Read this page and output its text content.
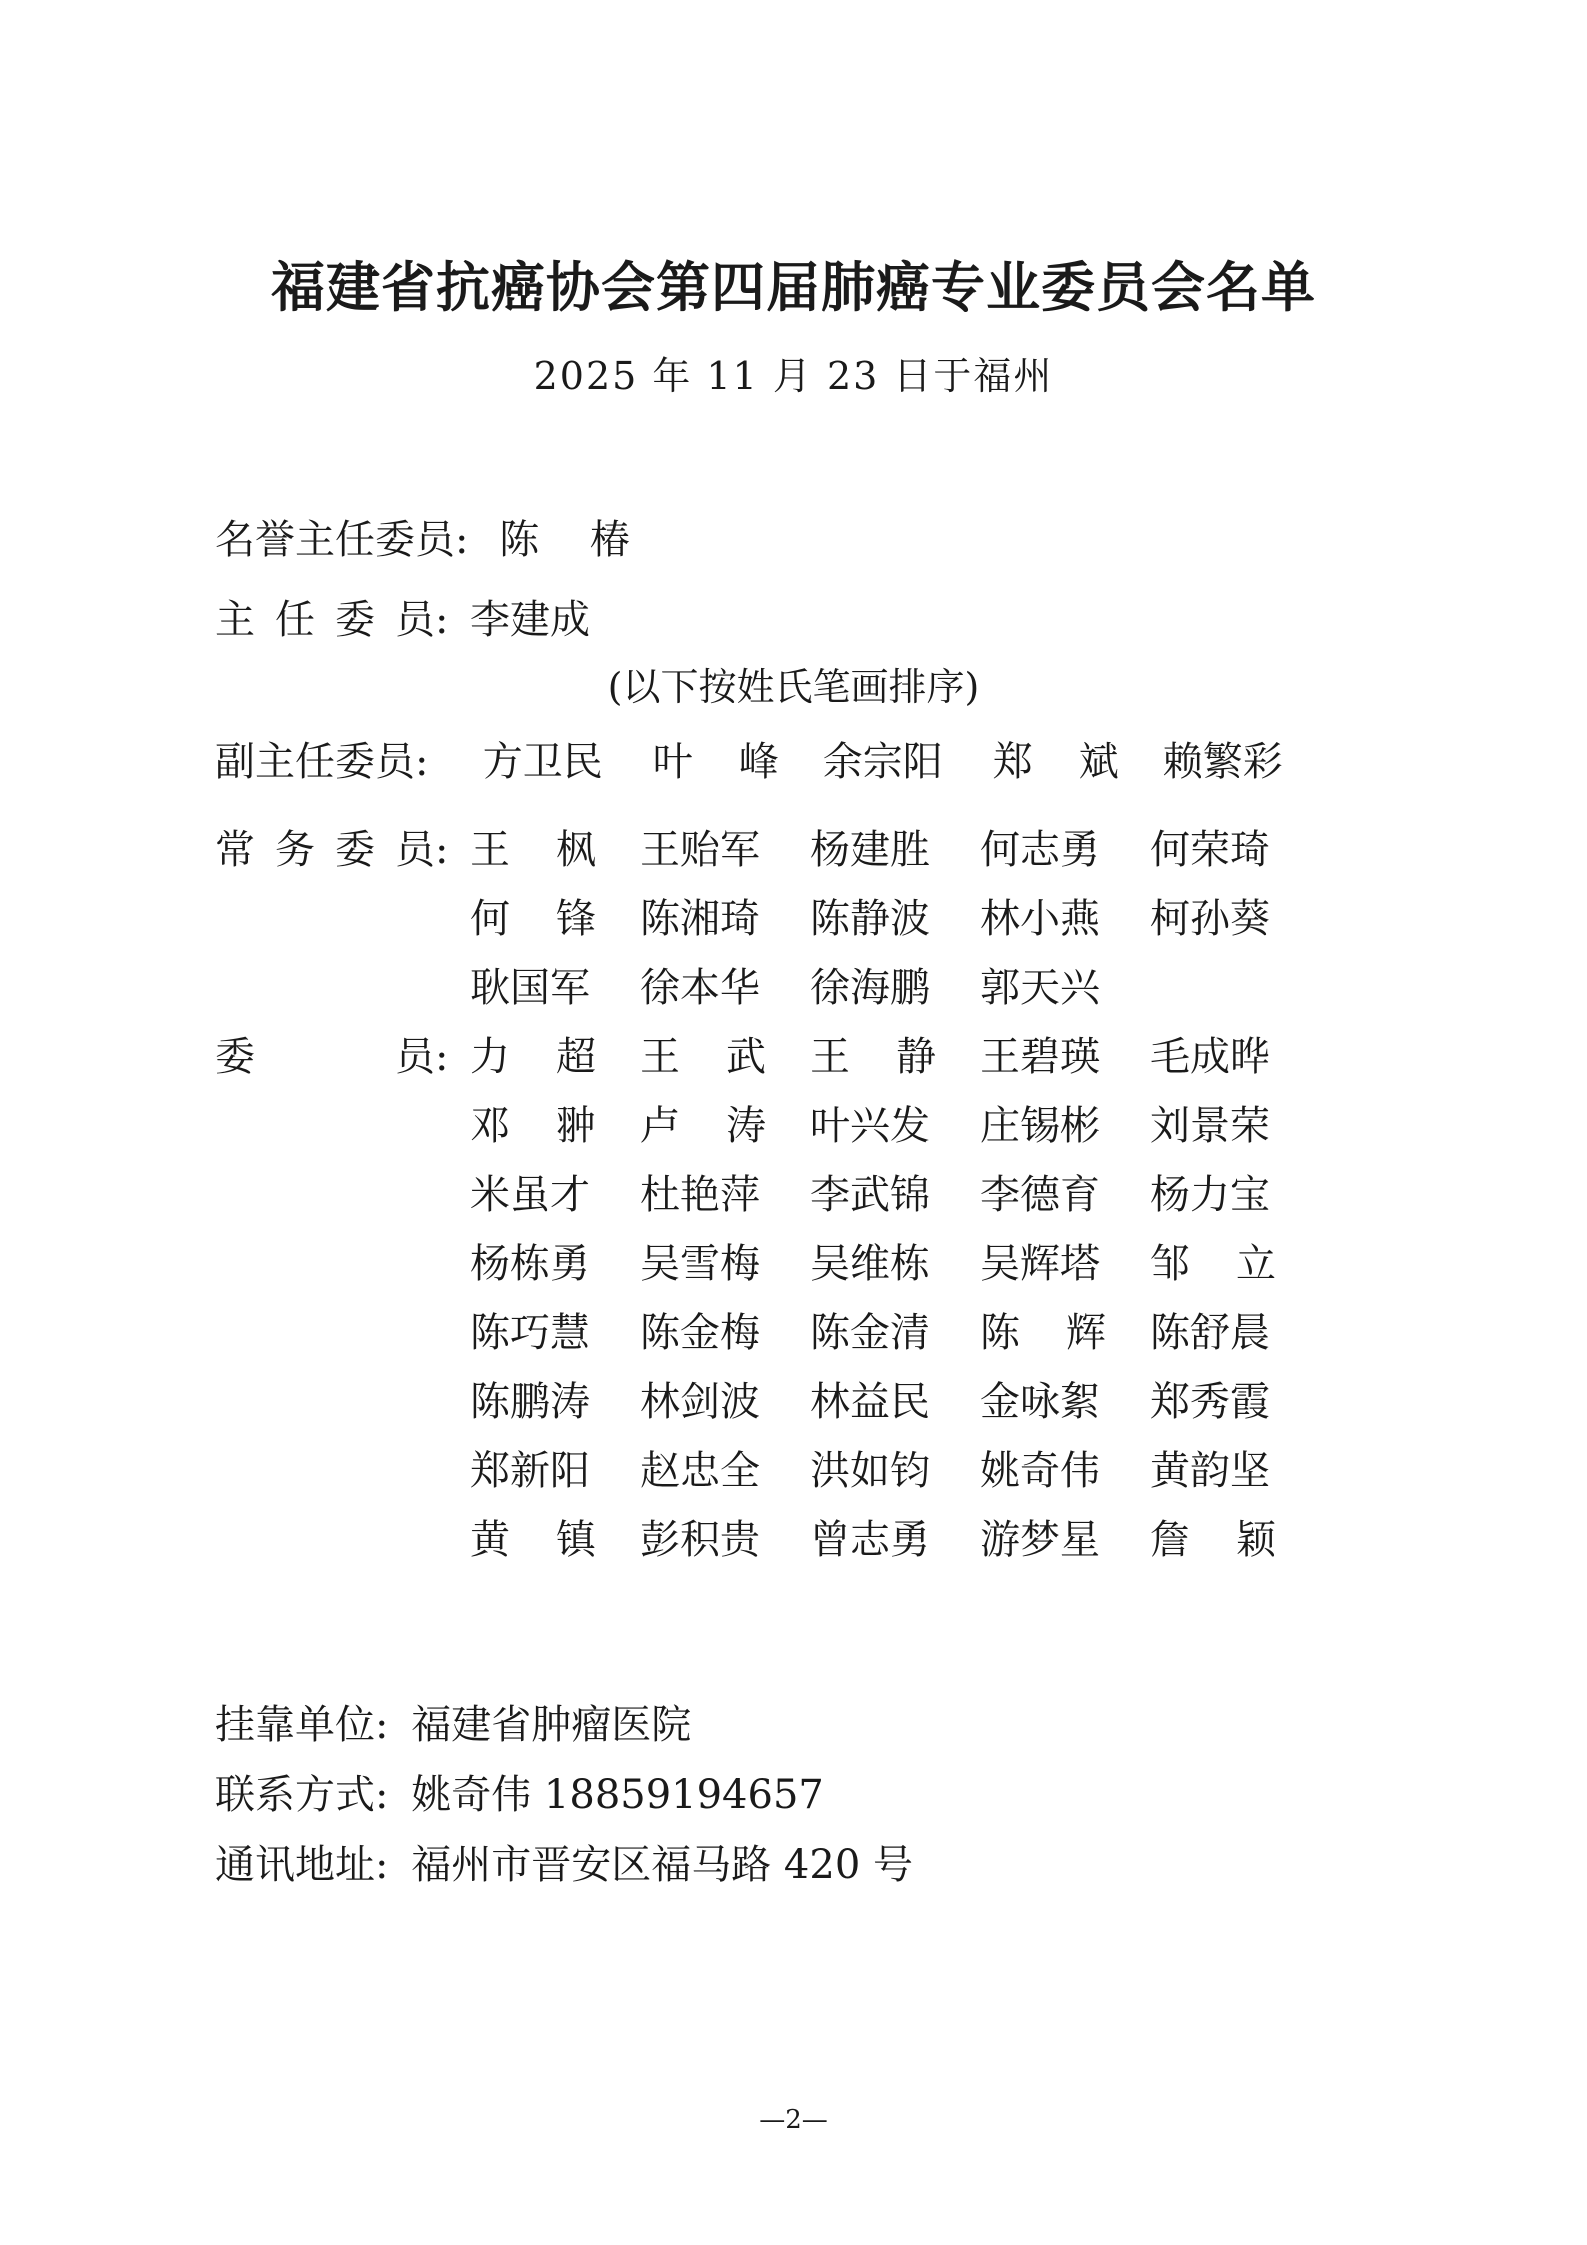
福建省抗癌协会第四届肺癌专业委员会名单
2025 年 11 月 23 日于福州
名誉主任委员: 陈 椿
主 任 委 员 : 李建成
(以下按姓氏笔画排序)
副主任委员: 方卫民 叶 峰 余宗阳 郑 斌 赖繁彩
常 务 委 员 : 王 枫 王贻军 杨建胜 何志勇 何荣琦
何 锋 陈湘琦 陈静波 林小燕 柯孙葵
耿国军 徐本华 徐海鹏 郭天兴
委	员 : 力 超 王 武 王 静 王碧瑛 毛成晔
邓 翀 卢 涛 叶兴发 庄锡彬 刘景荣
米虽才 杜艳萍 李武锦 李德育 杨力宝
杨栋勇 吴雪梅 吴维栋 吴辉塔 邹 立
陈巧慧 陈金梅 陈金清 陈 辉 陈舒晨
陈鹏涛 林剑波 林益民 金咏絮 郑秀霞
郑新阳 赵忠全 洪如钧 姚奇伟 黄韵坚
黄 镇 彭积贵 曾志勇 游梦星 詹 颖
挂靠单位: 福建省肿瘤医院
联系方式: 姚奇伟 18859194657
通讯地址: 福州市晋安区福马路 420 号
—2—
